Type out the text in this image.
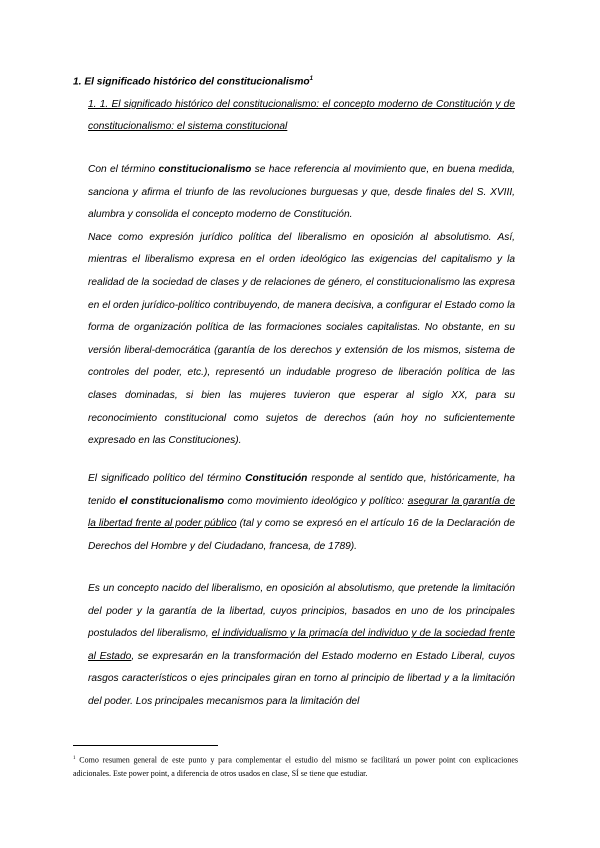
1. El significado histórico del constitucionalismo$^1$
1. 1. El significado histórico del constitucionalismo: el concepto moderno de Constitución y de constitucionalismo: el sistema constitucional

Con el término constitucionalismo se hace referencia al movimiento que, en buena medida, sanciona y afirma el triunfo de las revoluciones burguesas y que, desde finales del S. XVIII, alumbra y consolida el concepto moderno de Constitución.
Nace como expresión jurídico política del liberalismo en oposición al absolutismo. Así, mientras el liberalismo expresa en el orden ideológico las exigencias del capitalismo y la realidad de la sociedad de clases y de relaciones de género, el constitucionalismo las expresa en el orden jurídico-político contribuyendo, de manera decisiva, a configurar el Estado como la forma de organización política de las formaciones sociales capitalistas. No obstante, en su versión liberal-democrática (garantía de los derechos y extensión de los mismos, sistema de controles del poder, etc.), representó un indudable progreso de liberación política de las clases dominadas, si bien las mujeres tuvieron que esperar al siglo XX, para su reconocimiento constitucional como sujetos de derechos (aún hoy no suficientemente expresado en las Constituciones).

El significado político del término Constitución responde al sentido que, históricamente, ha tenido el constitucionalismo como movimiento ideológico y político: asegurar la garantía de la libertad frente al poder público (tal y como se expresó en el artículo 16 de la Declaración de Derechos del Hombre y del Ciudadano, francesa, de 1789).

Es un concepto nacido del liberalismo, en oposición al absolutismo, que pretende la limitación del poder y la garantía de la libertad, cuyos principios, basados en uno de los principales postulados del liberalismo, el individualismo y la primacía del individuo y de la sociedad frente al Estado, se expresarán en la transformación del Estado moderno en Estado Liberal, cuyos rasgos característicos o ejes principales giran en torno al principio de libertad y a la limitación del poder. Los principales mecanismos para la limitación del

$^1$ Como resumen general de este punto y para complementar el estudio del mismo se facilitará un power point con explicaciones adicionales. Este power point, a diferencia de otros usados en clase, SÍ se tiene que estudiar.
